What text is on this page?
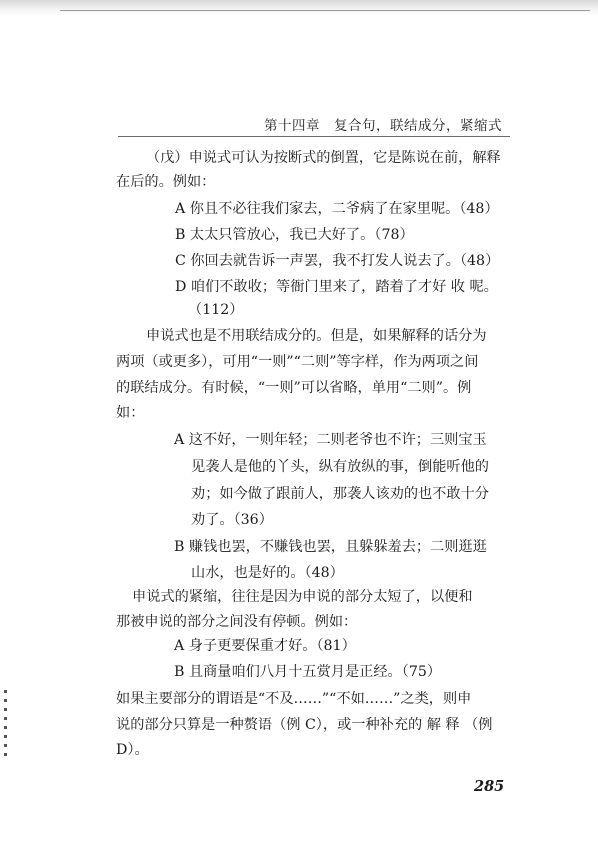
第十四章　复合句，联结成分，紧缩式
（戊）申说式可认为按断式的倒置，它是陈说在前，解释
在后的。例如：
A 你且不必往我们家去，二爷病了在家里呢。（48）
B 太太只管放心，我已大好了。（78）
C 你回去就告诉一声罢，我不打发人说去了。（48）
D 咱们不敢收；等衙门里来了，踏着了才好 收 呢。
（112）
申说式也是不用联结成分的。但是，如果解释的话分为
两项（或更多），可用“一则”“二则”等字样，作为两项之间
的联结成分。有时候，“一则”可以省略，单用“二则”。例
如：
A 这不好，一则年轻；二则老爷也不许；三则宝玉
见袭人是他的丫头，纵有放纵的事，倒能听他的
劝；如今做了跟前人，那袭人该劝的也不敢十分
劝了。（36）
B 赚钱也罢，不赚钱也罢，且躲躲羞去；二则逛逛
山水，也是好的。（48）
申说式的紧缩，往往是因为申说的部分太短了，以便和
那被申说的部分之间没有停顿。例如：
A 身子更要保重才好。（81）
B 且商量咱们八月十五赏月是正经。（75）
如果主要部分的谓语是“不及……”“不如……”之类，则申
说的部分只算是一种赘语（例 C），或一种补充的 解 释 （例
D）。
285
